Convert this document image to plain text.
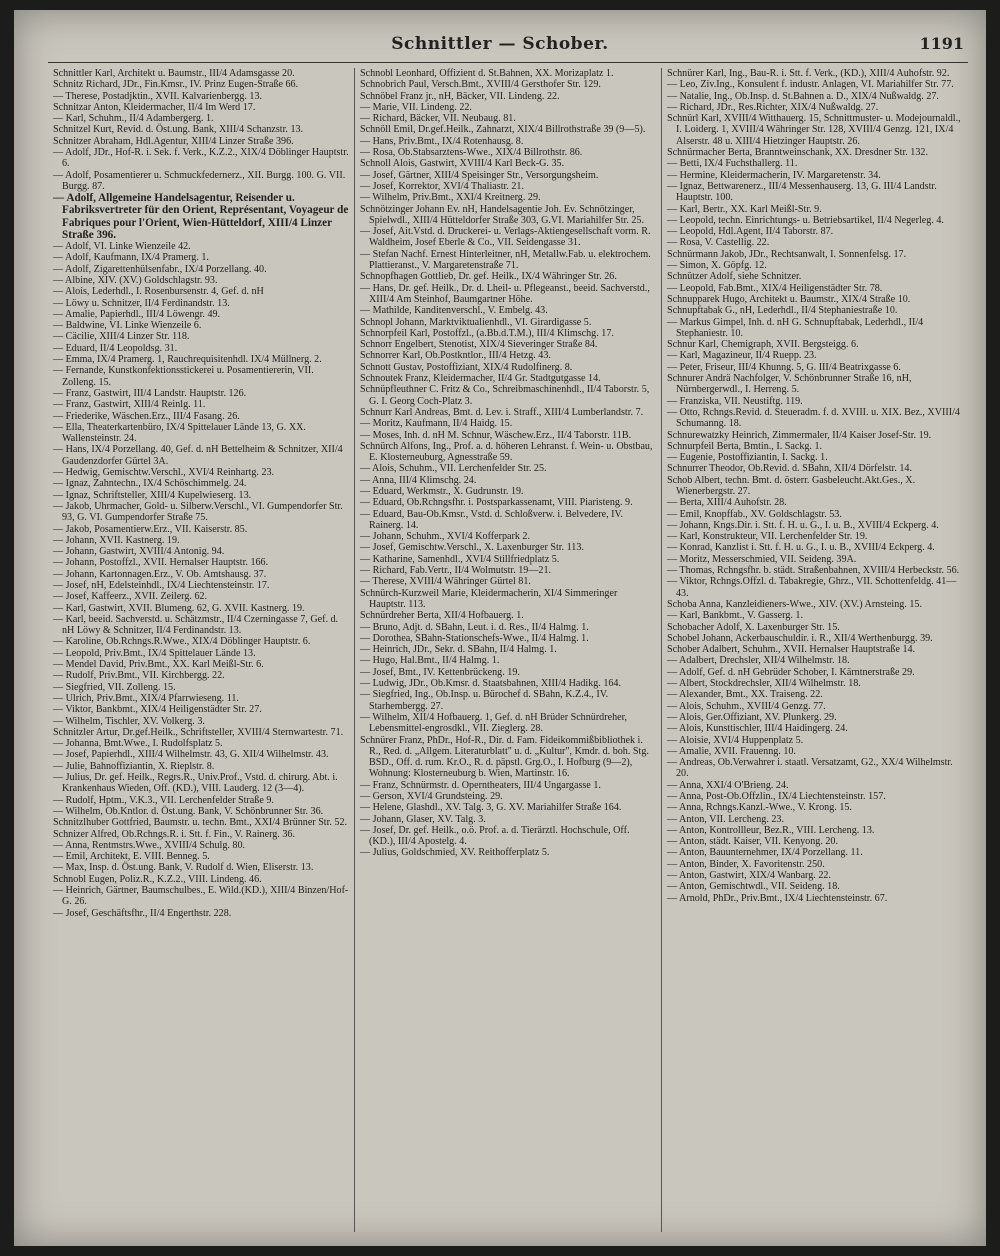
Schnittler — Schober.	1191

Schnittler Karl, Architekt u. Baumstr., III/4 Adamsgasse 20.

Schnitz Richard, JDr., Fin.Kmsr., IV. Prinz Eugen-Straße 66.

— Therese, Postadjktin., XVII. Kalvarienbergg. 13.

Schnitzar Anton, Kleidermacher, II/4 Im Werd 17.

— Karl, Schuhm., II/4 Adambergerg. 1.

Schnitzel Kurt, Revid. d. Öst.ung. Bank, XIII/4 Schanzstr. 13.

Schnitzer Abraham, Hdl.Agentur, XIII/4 Linzer Straße 396.

— Adolf, JDr., Hof-R. i. Sek. f. Verk., K.Z.2., XIX/4 Döblinger Hauptstr. 6.

— Adolf, Posamentierer u. Schmuckfedernerz., XII. Burgg. 100. G. VII. Burgg. 87.

— Adolf, Allgemeine Handelsagentur, Reisender u. Fabriksvertreter für den Orient, Représentant, Voyageur de Fabriques pour l'Orient, Wien-Hütteldorf, XIII/4 Linzer Straße 396.

— Adolf, VI. Linke Wienzeile 42.

— Adolf, Kaufmann, IX/4 Pramerg. 1.

— Adolf, Zigarettenhülsenfabr., IX/4 Porzellang. 40.

— Albine, XIV. (XV.) Goldschlagstr. 93.

— Alois, Lederhdl., I. Rosenbursenstr. 4, Gef. d. nH

— Löwy u. Schnitzer, II/4 Ferdinandstr. 13.

— Amalie, Papierhdl., III/4 Löwengr. 49.

— Baldwine, VI. Linke Wienzeile 6.

— Cäcilie, XIII/4 Linzer Str. 118.

— Eduard, II/4 Leopoldsg. 31.

— Emma, IX/4 Pramerg. 1, Rauchrequisitenhdl. IX/4 Müllnerg. 2.

— Fernande, Kunstkonfektionsstickerei u. Posamentiererin, VII. Zolleng. 15.

— Franz, Gastwirt, III/4 Landstr. Hauptstr. 126.

— Franz, Gastwirt, XIII/4 Reinlg. 11.

— Friederike, Wäschen.Erz., III/4 Fasang. 26.

— Ella, Theaterkartenbüro, IX/4 Spittelauer Lände 13, G. XX. Wallensteinstr. 24.

— Hans, IX/4 Porzellang. 40, Gef. d. nH Bettelheim & Schnitzer, XII/4 Gaudenzdorfer Gürtel 3A.

— Hedwig, Gemischtw.Verschl., XVI/4 Reinhartg. 23.

— Ignaz, Zahntechn., IX/4 Schöschimmelg. 24.

— Ignaz, Schriftsteller, XIII/4 Kupelwieserg. 13.

— Jakob, Uhrmacher, Gold- u. Silberw.Verschl., VI. Gumpendorfer Str. 93, G. VI. Gumpendorfer Straße 75.

— Jakob, Posamentierw.Erz., VII. Kaiserstr. 85.

— Johann, XVII. Kastnerg. 19.

— Johann, Gastwirt, XVIII/4 Antonig. 94.

— Johann, Postoffzl., XVII. Hernalser Hauptstr. 166.

— Johann, Kartonnagen.Erz., V. Ob. Amtshausg. 37.

— Josef, nH, Edelsteinhdl., IX/4 Liechtensteinstr. 17.

— Josef, Kaffeerz., XVII. Zeilerg. 62.

— Karl, Gastwirt, XVII. Blumeng. 62, G. XVII. Kastnerg. 19.

— Karl, beeid. Sachverstd. u. Schätzmstr., II/4 Czerningasse 7, Gef. d. nH Löwy & Schnitzer, II/4 Ferdinandstr. 13.

— Karoline, Ob.Rchngs.R.Wwe., XIX/4 Döblinger Hauptstr. 6.

— Leopold, Priv.Bmt., IX/4 Spittelauer Lände 13.

— Mendel David, Priv.Bmt., XX. Karl Meißl-Str. 6.

— Rudolf, Priv.Bmt., VII. Kirchbergg. 22.

— Siegfried, VII. Zolleng. 15.

— Ulrich, Priv.Bmt., XIX/4 Pfarrwieseng. 11.

— Viktor, Bankbmt., XIX/4 Heiligenstädter Str. 27.

— Wilhelm, Tischler, XV. Volkerg. 3.

Schnitzler Artur, Dr.gef.Heilk., Schriftsteller, XVIII/4 Sternwartestr. 71.

— Johanna, Bmt.Wwe., I. Rudolfsplatz 5.

— Josef, Papierhdl., XIII/4 Wilhelmstr. 43, G. XII/4 Wilhelmstr. 43.

— Julie, Bahnoffiziantin, X. Rieplstr. 8.

— Julius, Dr. gef. Heilk., Regrs.R., Univ.Prof., Vstd. d. chirurg. Abt. i. Krankenhaus Wieden, Off. (KD.), VIII. Lauderg. 12 (3—4).

— Rudolf, Hptm., V.K.3., VII. Lerchenfelder Straße 9.

— Wilhelm, Ob.Kntlor. d. Öst.ung. Bank, V. Schönbrunner Str. 36.

Schnitzlhuber Gottfried, Baumstr. u. techn. Bmt., XXI/4 Brünner Str. 52.

Schnizer Alfred, Ob.Rchngs.R. i. Stt. f. Fin., V. Rainerg. 36.

— Anna, Rentmstrs.Wwe., XVIII/4 Schulg. 80.

— Emil, Architekt, E. VIII. Benneg. 5.

— Max, Insp. d. Öst.ung. Bank, V. Rudolf d. Wien, Eliserstr. 13.

Schnobl Eugen, Poliz.R., K.Z.2., VIII. Lindeng. 46.

— Heinrich, Gärtner, Baumschulbes., E. Wild.(KD.), XIII/4 Binzen/Hof-G. 26.

— Josef, Geschäftsfhr., II/4 Engerthstr. 228.

Schnobl Leonhard, Offizient d. St.Bahnen, XX. Morizaplatz 1.

Schnobrich Paul, Versch.Bmt., XVIII/4 Gersthofer Str. 129.

Schnöbel Franz jr., nH, Bäcker, VII. Lindeng. 22.

— Marie, VII. Lindeng. 22.

— Richard, Bäcker, VII. Neubaug. 81.

Schnöll Emil, Dr.gef.Heilk., Zahnarzt, XIX/4 Billrothstraße 39 (9—5).

— Hans, Priv.Bmt., IX/4 Rotenhausg. 8.

— Rosa, Ob.Stabsarztens-Wwe., XIX/4 Billrothstr. 86.

Schnoll Alois, Gastwirt, XVIII/4 Karl Beck-G. 35.

— Josef, Gärtner, XIII/4 Speisinger Str., Versorgungsheim.

— Josef, Korrektor, XVI/4 Thaliastr. 21.

— Wilhelm, Priv.Bmt., XXI/4 Kreitnerg. 29.

Schnötzinger Johann Ev. nH, Handelsagentie Joh. Ev. Schnötzinger, Spielwdl., XIII/4 Hütteldorfer Straße 303, G.VI. Mariahilfer Str. 25.

— Josef, Ait.Vstd. d. Druckerei- u. Verlags-Aktiengesellschaft vorm. R. Waldheim, Josef Eberle & Co., VII. Seidengasse 31.

— Stefan Nachf. Ernest Hinterleitner, nH, Metallw.Fab. u. elektrochem. Plattieranst., V. Margaretenstraße 71.

Schnopfhagen Gottlieb, Dr. gef. Heilk., IX/4 Währinger Str. 26.

— Hans, Dr. gef. Heilk., Dr. d. Lheil- u. Pflegeanst., beeid. Sachverstd., XIII/4 Am Steinhof, Baumgartner Höhe.

— Mathilde, Kanditenverschl., V. Embelg. 43.

Schnopl Johann, Marktviktualienhdl., VI. Girardigasse 5.

Schnorpfeil Karl, Postoffzl., (a.Bb.d.T.M.), III/4 Klimschg. 17.

Schnorr Engelbert, Stenotist, XIX/4 Sieveringer Straße 84.

Schnorrer Karl, Ob.Postkntlor., III/4 Hetzg. 43.

Schnott Gustav, Postoffiziant, XIX/4 Rudolfinerg. 8.

Schnoutek Franz, Kleidermacher, II/4 Gr. Stadtgutgasse 14.

Schnüpfleuthner C. Fritz & Co., Schreibmaschinenhdl., II/4 Taborstr. 5, G. I. Georg Coch-Platz 3.

Schnurr Karl Andreas, Bmt. d. Lev. i. Straff., XIII/4 Lumberlandstr. 7.

— Moritz, Kaufmann, II/4 Haidg. 15.

— Moses, Inh. d. nH M. Schnur, Wäschew.Erz., II/4 Taborstr. 11B.

Schnürch Alfons, Ing., Prof. a. d. höheren Lehranst. f. Wein- u. Obstbau, E. Klosterneuburg, Agnesstraße 59.

— Alois, Schuhm., VII. Lerchenfelder Str. 25.

— Anna, III/4 Klimschg. 24.

— Eduard, Werkmstr., X. Gudrunstr. 19.

— Eduard, Ob.Rchngsfhr. i. Postsparkassenamt, VIII. Piaristeng. 9.

— Eduard, Bau-Ob.Kmsr., Vstd. d. Schloßverw. i. Belvedere, IV. Rainerg. 14.

— Johann, Schuhm., XVI/4 Kofferpark 2.

— Josef, Gemischtw.Verschl., X. Laxenburger Str. 113.

— Katharine, Samenhdl., XVI/4 Stillfriedplatz 5.

— Richard, Fab.Vertr., II/4 Wolmutstr. 19—21.

— Therese, XVIII/4 Währinger Gürtel 81.

Schnürch-Kurzweil Marie, Kleidermacherin, XI/4 Simmeringer Hauptstr. 113.

Schnürdreher Berta, XII/4 Hofbauerg. 1.

— Bruno, Adjt. d. SBahn, Leut. i. d. Res., II/4 Halmg. 1.

— Dorothea, SBahn-Stationschefs-Wwe., II/4 Halmg. 1.

— Heinrich, JDr., Sekr. d. SBahn, II/4 Halmg. 1.

— Hugo, Hal.Bmt., II/4 Halmg. 1.

— Josef, Bmt., IV. Kettenbrückeng. 19.

— Ludwig, JDr., Ob.Kmsr. d. Staatsbahnen, XIII/4 Hadikg. 164.

— Siegfried, Ing., Ob.Insp. u. Bürochef d. SBahn, K.Z.4., IV. Starhembergg. 27.

— Wilhelm, XII/4 Hofbauerg. 1, Gef. d. nH Brüder Schnürdreher, Lebensmittel-engrosdkl., VII. Zieglerg. 28.

Schnürer Franz, PhDr., Hof-R., Dir. d. Fam. Fideikommißbibliothek i. R., Red. d. „Allgem. Literaturblatt" u. d. „Kultur", Kmdr. d. boh. Stg. BSD., Off. d. rum. Kr.O., R. d. päpstl. Grg.O., I. Hofburg (9—2), Wohnung: Klosterneuburg b. Wien, Martinstr. 16.

— Franz, Schnürmstr. d. Operntheaters, III/4 Ungargasse 1.

— Gerson, XVI/4 Grundsteing. 29.

— Helene, Glashdl., XV. Talg. 3, G. XV. Mariahilfer Straße 164.

— Johann, Glaser, XV. Talg. 3.

— Josef, Dr. gef. Heilk., o.ö. Prof. a. d. Tierärztl. Hochschule, Off. (KD.), III/4 Apostelg. 4.

— Julius, Goldschmied, XV. Reithofferplatz 5.

Schnürer Karl, Ing., Bau-R. i. Stt. f. Verk., (KD.), XIII/4 Auhofstr. 92.

— Leo, Ziv.Ing., Konsulent f. industr. Anlagen, VI. Mariahilfer Str. 77.

— Natalie, Ing., Ob.Insp. d. St.Bahnen a. D., XIX/4 Nußwaldg. 27.

— Richard, JDr., Res.Richter, XIX/4 Nußwaldg. 27.

Schnürl Karl, XVIII/4 Witthauerg. 15, Schnittmuster- u. Modejournaldl., I. Loiderg. 1, XVIII/4 Währinger Str. 128, XVIII/4 Genzg. 121, IX/4 Alserstr. 48 u. XIII/4 Hietzinger Hauptstr. 26.

Schnürmacher Berta, Branntweinschank, XX. Dresdner Str. 132.

— Betti, IX/4 Fuchsthallerg. 11.

— Hermine, Kleidermacherin, IV. Margaretenstr. 34.

— Ignaz, Bettwarenerz., III/4 Messenhauserg. 13, G. III/4 Landstr. Hauptstr. 100.

— Karl, Bertr., XX. Karl Meißl-Str. 9.

— Leopold, techn. Einrichtungs- u. Betriebsartikel, II/4 Negerleg. 4.

— Leopold, Hdl.Agent, II/4 Taborstr. 87.

— Rosa, V. Castellig. 22.

Schnürmann Jakob, JDr., Rechtsanwalt, I. Sonnenfelsg. 17.

— Simon, X. Göpfg. 12.

Schnützer Adolf, siehe Schnitzer.

— Leopold, Fab.Bmt., XIX/4 Heiligenstädter Str. 78.

Schnupparek Hugo, Architekt u. Baumstr., XIX/4 Straße 10.

Schnupftabak G., nH, Lederhdl., II/4 Stephaniestraße 10.

— Markus Gimpel, Inh. d. nH G. Schnupftabak, Lederhdl., II/4 Stephaniestr. 10.

Schnur Karl, Chemigraph, XVII. Bergsteigg. 6.

— Karl, Magazineur, II/4 Ruepp. 23.

— Peter, Friseur, III/4 Khunng. 5, G. III/4 Beatrixgasse 6.

Schnurer Andrä Nachfolger, V. Schönbrunner Straße 16, nH, Nürnbergerwdl., I. Herreng. 5.

— Franziska, VII. Neustiftg. 119.

— Otto, Rchngs.Revid. d. Steueradm. f. d. XVIII. u. XIX. Bez., XVIII/4 Schumanng. 18.

Schnurewatzky Heinrich, Zimmermaler, II/4 Kaiser Josef-Str. 19.

Schnurpfeil Berta, Bmtin., I. Sackg. 1.

— Eugenie, Postoffiziantin, I. Sackg. 1.

Schnurrer Theodor, Ob.Revid. d. SBahn, XII/4 Dörfelstr. 14.

Schob Albert, techn. Bmt. d. österr. Gasbeleucht.Akt.Ges., X. Wienerbergstr. 27.

— Berta, XIII/4 Auhofstr. 28.

— Emil, Knopffab., XV. Goldschlagstr. 53.

— Johann, Kngs.Dir. i. Stt. f. H. u. G., I. u. B., XVIII/4 Eckperg. 4.

— Karl, Konstrukteur, VII. Lerchenfelder Str. 19.

— Konrad, Kanzlist i. Stt. f. H. u. G., I. u. B., XVIII/4 Eckperg. 4.

— Moritz, Messerschmied, VII. Seideng. 39A.

— Thomas, Rchngsfhr. b. städt. Straßenbahnen, XVIII/4 Herbeckstr. 56.

— Viktor, Rchngs.Offzl. d. Tabakregie, Ghrz., VII. Schottenfeldg. 41—43.

Schoba Anna, Kanzleidieners-Wwe., XIV. (XV.) Arnsteing. 15.

— Karl, Bankbmt., V. Gasserg. 1.

Schobacher Adolf, X. Laxenburger Str. 15.

Schobel Johann, Ackerbauschuldir. i. R., XII/4 Werthenburgg. 39.

Schober Adalbert, Schuhm., XVII. Hernalser Hauptstraße 14.

— Adalbert, Drechsler, XII/4 Wilhelmstr. 18.

— Adolf, Gef. d. nH Gebrüder Schober, I. Kärntnerstraße 29.

— Albert, Stockdrechsler, XII/4 Wilhelmstr. 18.

— Alexander, Bmt., XX. Traiseng. 22.

— Alois, Schuhm., XVIII/4 Genzg. 77.

— Alois, Ger.Offiziant, XV. Plunkerg. 29.

— Alois, Kunsttischler, III/4 Haidingerg. 24.

— Aloisie, XVI/4 Huppenplatz 5.

— Amalie, XVII. Frauenng. 10.

— Andreas, Ob.Verwahrer i. staatl. Versatzamt, G2., XX/4 Wilhelmstr. 20.

— Anna, XXI/4 O'Brieng. 24.

— Anna, Post-Ob.Offzlin., IX/4 Liechtensteinstr. 157.

— Anna, Rchngs.Kanzl.-Wwe., V. Krong. 15.

— Anton, VII. Lercheng. 23.

— Anton, Kontrollleur, Bez.R., VIII. Lercheng. 13.

— Anton, städt. Kaiser, VII. Kenyong. 20.

— Anton, Bauunternehmer, IX/4 Porzellang. 11.

— Anton, Binder, X. Favoritenstr. 250.

— Anton, Gastwirt, XIX/4 Wanbarg. 22.

— Anton, Gemischtwdl., VII. Seideng. 18.

— Arnold, PhDr., Priv.Bmt., IX/4 Liechtensteinstr. 67.
